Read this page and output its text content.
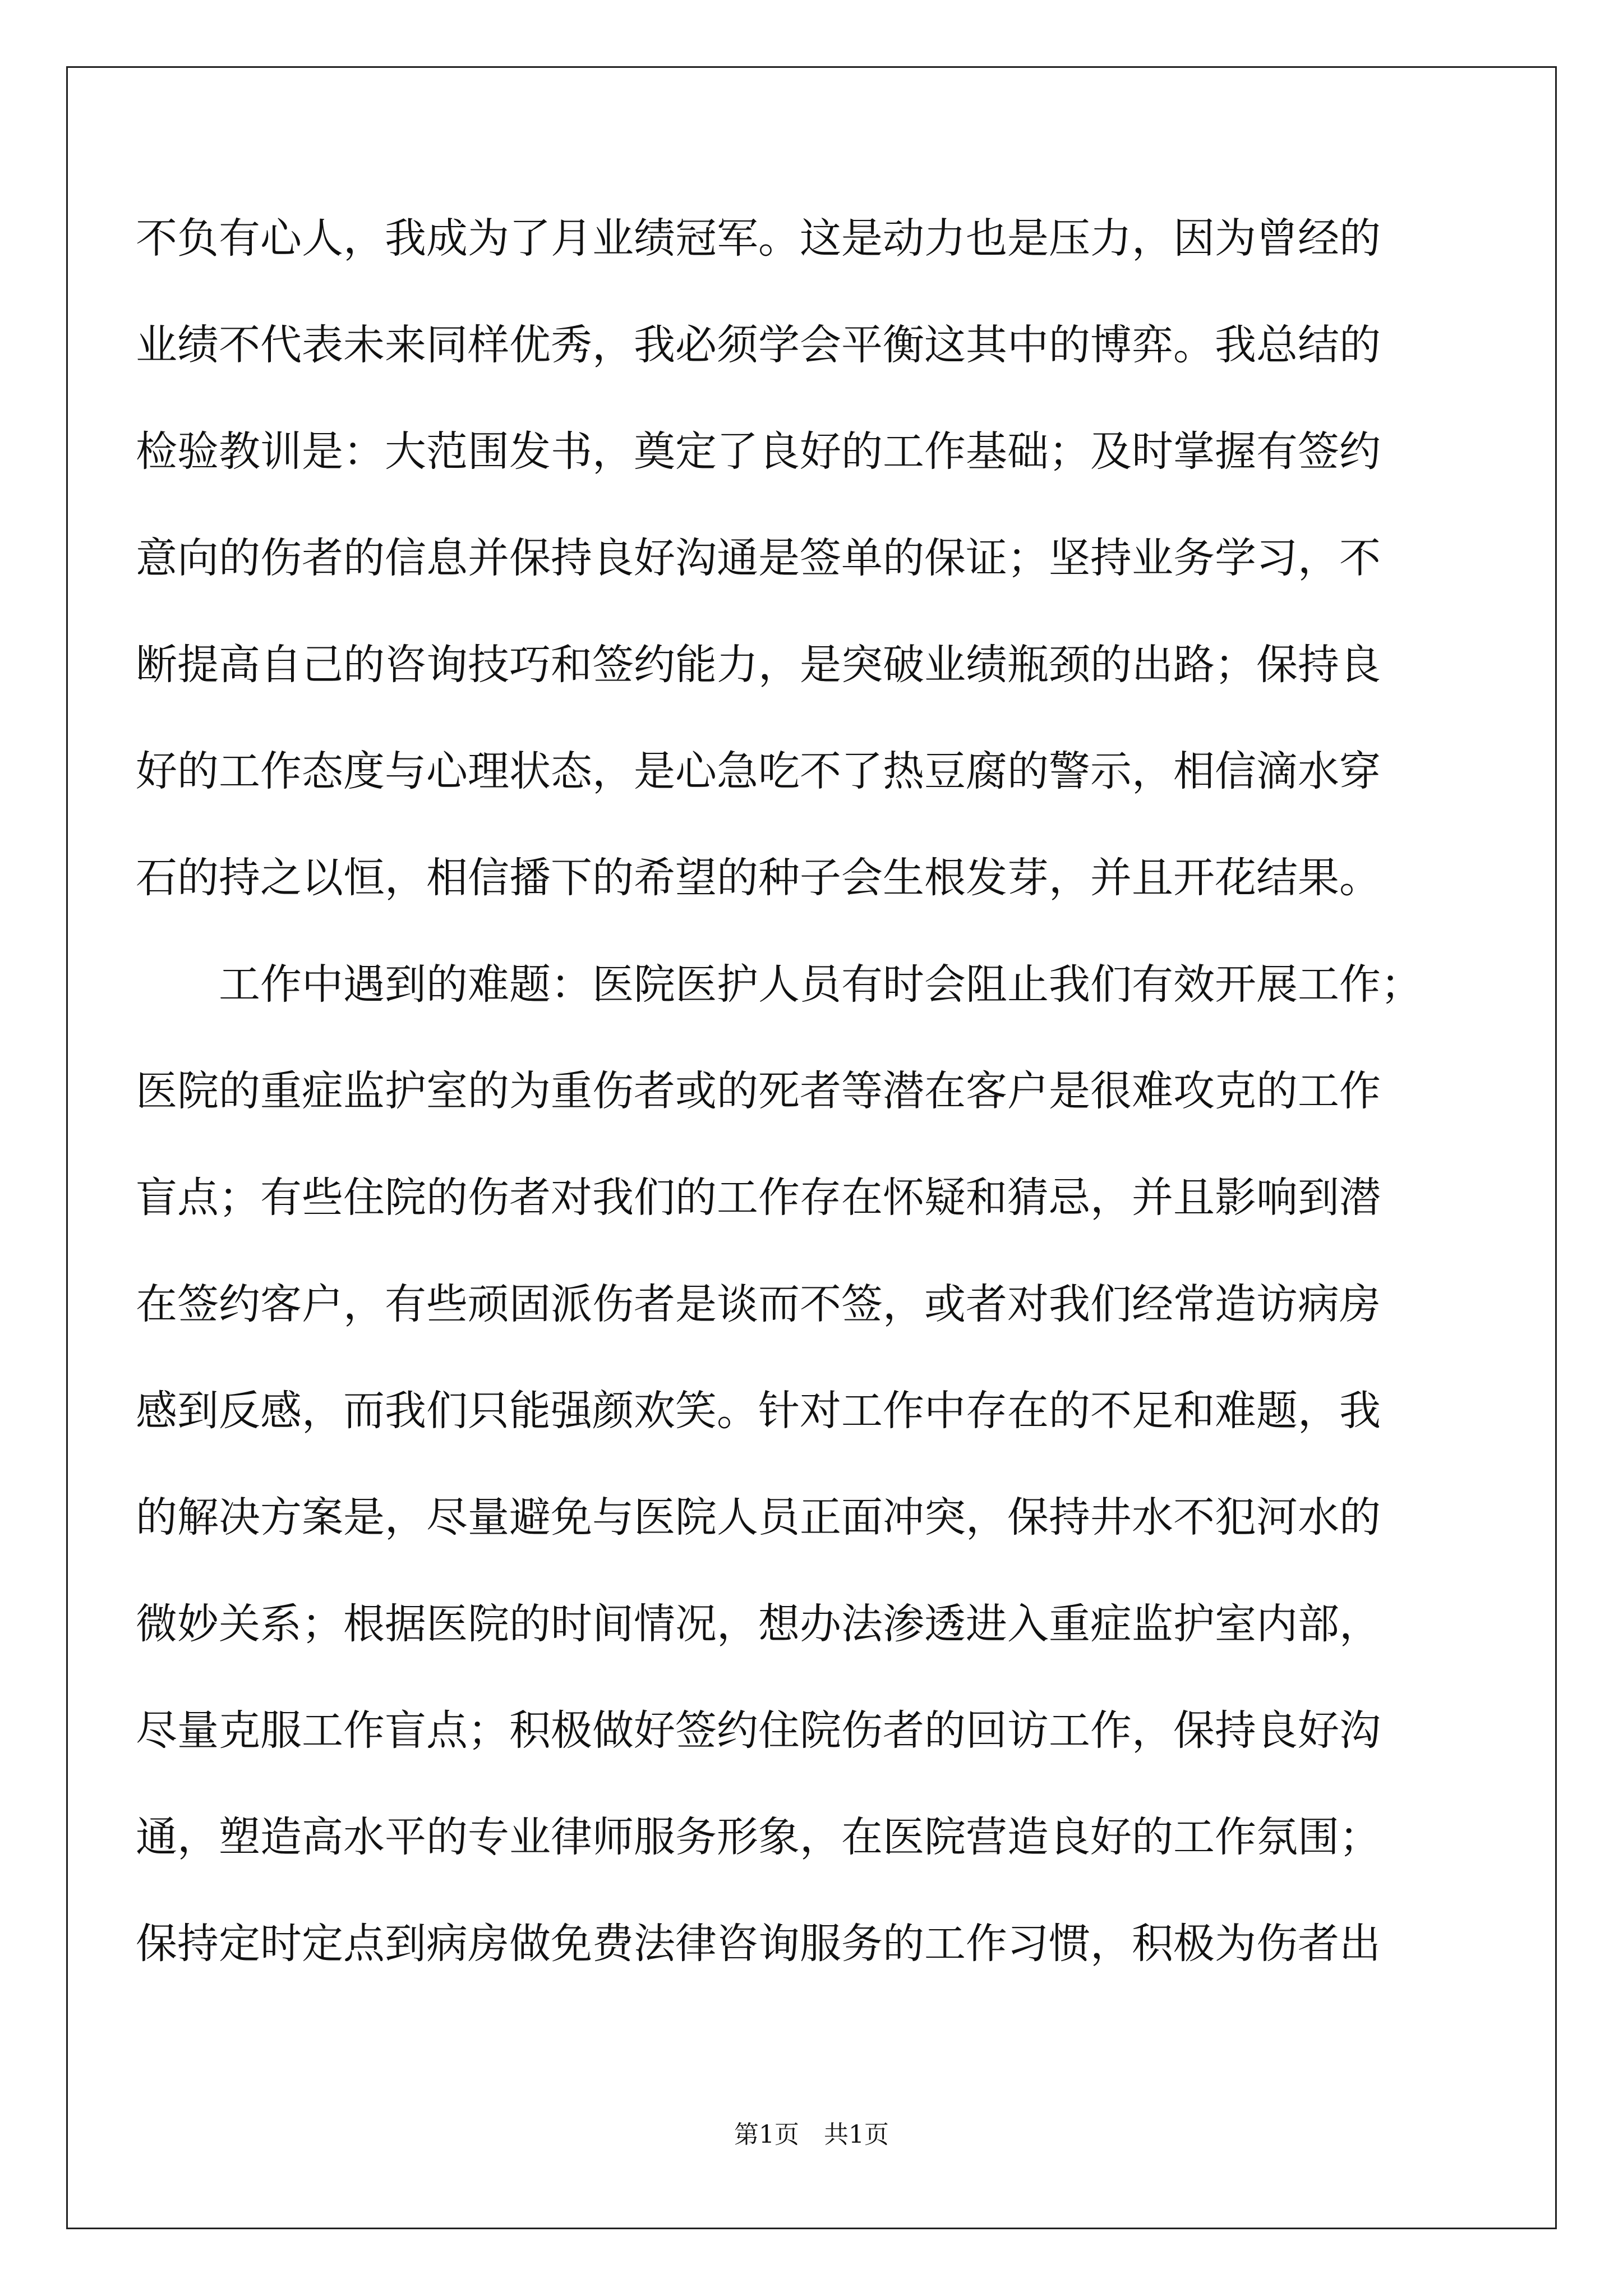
不负有心人，我成为了月业绩冠军。这是动力也是压力，因为曾经的
业绩不代表未来同样优秀，我必须学会平衡这其中的博弈。我总结的
检验教训是：大范围发书，奠定了良好的工作基础；及时掌握有签约
意向的伤者的信息并保持良好沟通是签单的保证；坚持业务学习，不
断提高自己的咨询技巧和签约能力，是突破业绩瓶颈的出路；保持良
好的工作态度与心理状态，是心急吃不了热豆腐的警示，相信滴水穿
石的持之以恒，相信播下的希望的种子会生根发芽，并且开花结果。

　　工作中遇到的难题：医院医护人员有时会阻止我们有效开展工作；
医院的重症监护室的为重伤者或的死者等潜在客户是很难攻克的工作
盲点；有些住院的伤者对我们的工作存在怀疑和猜忌，并且影响到潜
在签约客户，有些顽固派伤者是谈而不签，或者对我们经常造访病房
感到反感，而我们只能强颜欢笑。针对工作中存在的不足和难题，我
的解决方案是，尽量避免与医院人员正面冲突，保持井水不犯河水的
微妙关系；根据医院的时间情况，想办法渗透进入重症监护室内部，
尽量克服工作盲点；积极做好签约住院伤者的回访工作，保持良好沟
通，塑造高水平的专业律师服务形象，在医院营造良好的工作氛围；
保持定时定点到病房做免费法律咨询服务的工作习惯，积极为伤者出

第1页　共1页
